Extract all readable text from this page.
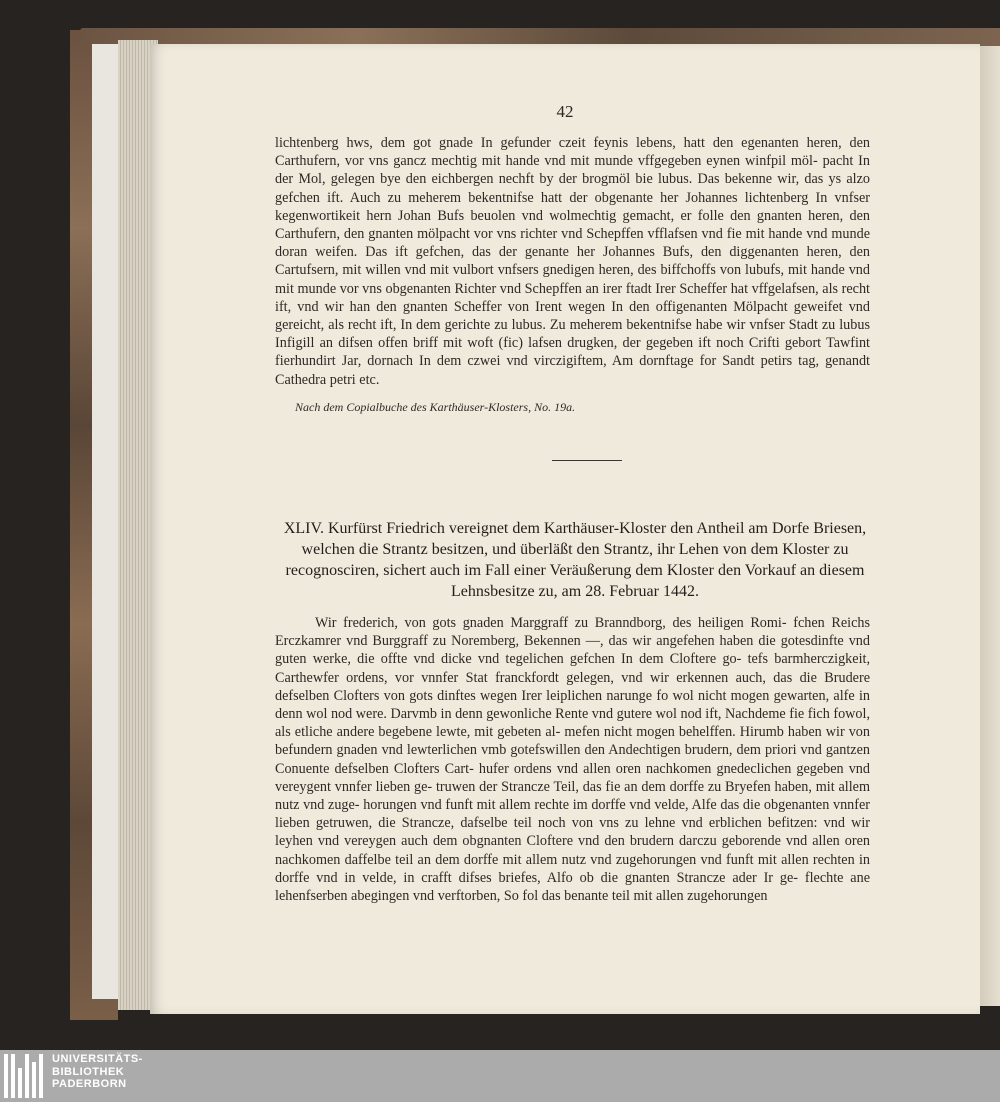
42

lichtenberg hws, dem got gnade In gefunder czeit feynis lebens, hatt den egenanten heren, den Carthufern, vor vns gancz mechtig mit hande vnd mit munde vffgegeben eynen winfpil möl- pacht In der Mol, gelegen bye den eichbergen nechft by der brogmöl bie lubus. Das bekenne wir, das ys alzo gefchen ift. Auch zu meherem bekentnifse hatt der obgenante her Johannes lichtenberg In vnfser kegenwortikeit hern Johan Bufs beuolen vnd wolmechtig gemacht, er folle den gnanten heren, den Carthufern, den gnanten mölpacht vor vns richter vnd Schepffen vfflafsen vnd fie mit hande vnd munde doran weifen. Das ift gefchen, das der genante her Johannes Bufs, den diggenanten heren, den Cartufsern, mit willen vnd mit vulbort vnfsers gnedigen heren, des biffchoffs von lubufs, mit hande vnd mit munde vor vns obgenanten Richter vnd Schepffen an irer ftadt Irer Scheffer hat vffgelafsen, als recht ift, vnd wir han den gnanten Scheffer von Irent wegen In den offigenanten Mölpacht geweifet vnd gereicht, als recht ift, In dem gerichte zu lubus. Zu meherem bekentnifse habe wir vnfser Stadt zu lubus Infigill an difsen offen briff mit woft (fic) lafsen drugken, der gegeben ift noch Crifti gebort Tawfint fierhundirt Jar, dornach In dem czwei vnd virczigiftem, Am dornftage for Sandt petirs tag, genandt Cathedra petri etc.

Nach dem Copialbuche des Karthäuser-Klosters, No. 19a.
XLIV. Kurfürst Friedrich vereignet dem Karthäuser-Kloster den Antheil am Dorfe Briesen, welchen die Strantz besitzen, und überläßt den Strantz, ihr Lehen von dem Kloster zu recognosciren, sichert auch im Fall einer Veräußerung dem Kloster den Vorkauf an diesem Lehnsbesitze zu, am 28. Februar 1442.

Wir frederich, von gots gnaden Marggraff zu Branndborg, des heiligen Romi- fchen Reichs Erczkamrer vnd Burggraff zu Noremberg, Bekennen —, das wir angefehen haben die gotesdinfte vnd guten werke, die offte vnd dicke vnd tegelichen gefchen In dem Cloftere go- tefs barmherczigkeit, Carthewfer ordens, vor vnnfer Stat franckfordt gelegen, vnd wir erkennen auch, das die Brudere defselben Clofters von gots dinftes wegen Irer leiplichen narunge fo wol nicht mogen gewarten, alfe in denn wol nod were. Darvmb in denn gewonliche Rente vnd gutere wol nod ift, Nachdeme fie fich fowol, als etliche andere begebene lewte, mit gebeten al- mefen nicht mogen behelffen. Hirumb haben wir von befundern gnaden vnd lewterlichen vmb gotefswillen den Andechtigen brudern, dem priori vnd gantzen Conuente defselben Clofters Cart- hufer ordens vnd allen oren nachkomen gnedeclichen gegeben vnd vereygent vnnfer lieben ge- truwen der Strancze Teil, das fie an dem dorffe zu Bryefen haben, mit allem nutz vnd zuge- horungen vnd funft mit allem rechte im dorffe vnd velde, Alfe das die obgenanten vnnfer lieben getruwen, die Strancze, dafselbe teil noch von vns zu lehne vnd erblichen befitzen: vnd wir leyhen vnd vereygen auch dem obgnanten Cloftere vnd den brudern darczu geborende vnd allen oren nachkomen daffelbe teil an dem dorffe mit allem nutz vnd zugehorungen vnd funft mit allen rechten in dorffe vnd in velde, in crafft difses briefes, Alfo ob die gnanten Strancze ader Ir ge- flechte ane lehenfserben abegingen vnd verftorben, So fol das benante teil mit allen zugehorungen

UNIVERSITÄTS-
BIBLIOTHEK
PADERBORN
